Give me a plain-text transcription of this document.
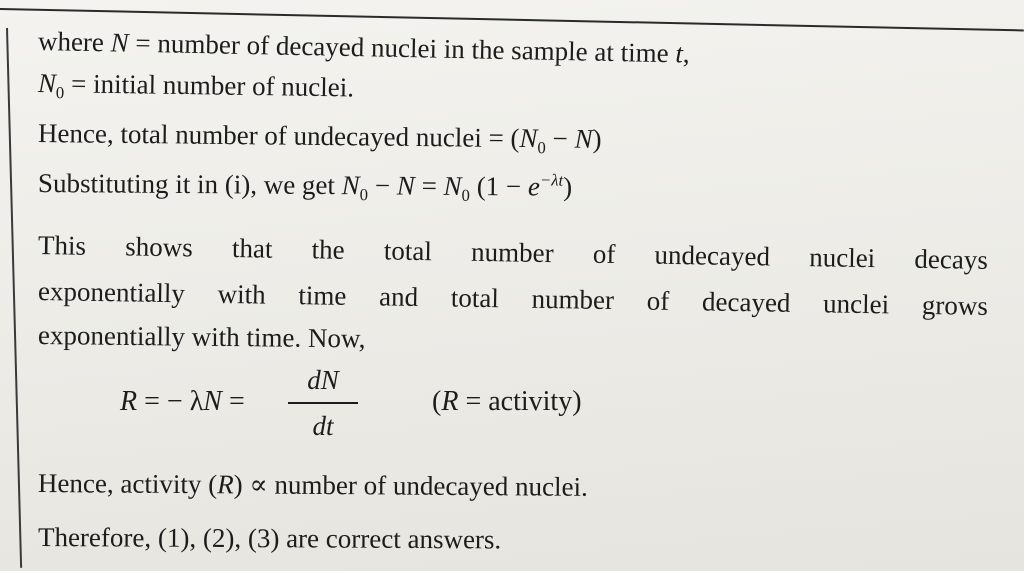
where N = number of decayed nuclei in the sample at time t,
$N_0$ = initial number of nuclei.
Hence, total number of undecayed nuclei = $(N_0 - N)$
Substituting it in (i), we get $N_0 - N = N_0$ $(1 - e^{-\lambda t})$
This shows that the total number of undecayed nuclei decays
exponentially with time and total number of decayed unclei grows
exponentially with time. Now,
R = − λN =
dN
dt
(R = activity)
Hence, activity (R) ∝ number of undecayed nuclei.
Therefore, (1), (2), (3) are correct answers.
